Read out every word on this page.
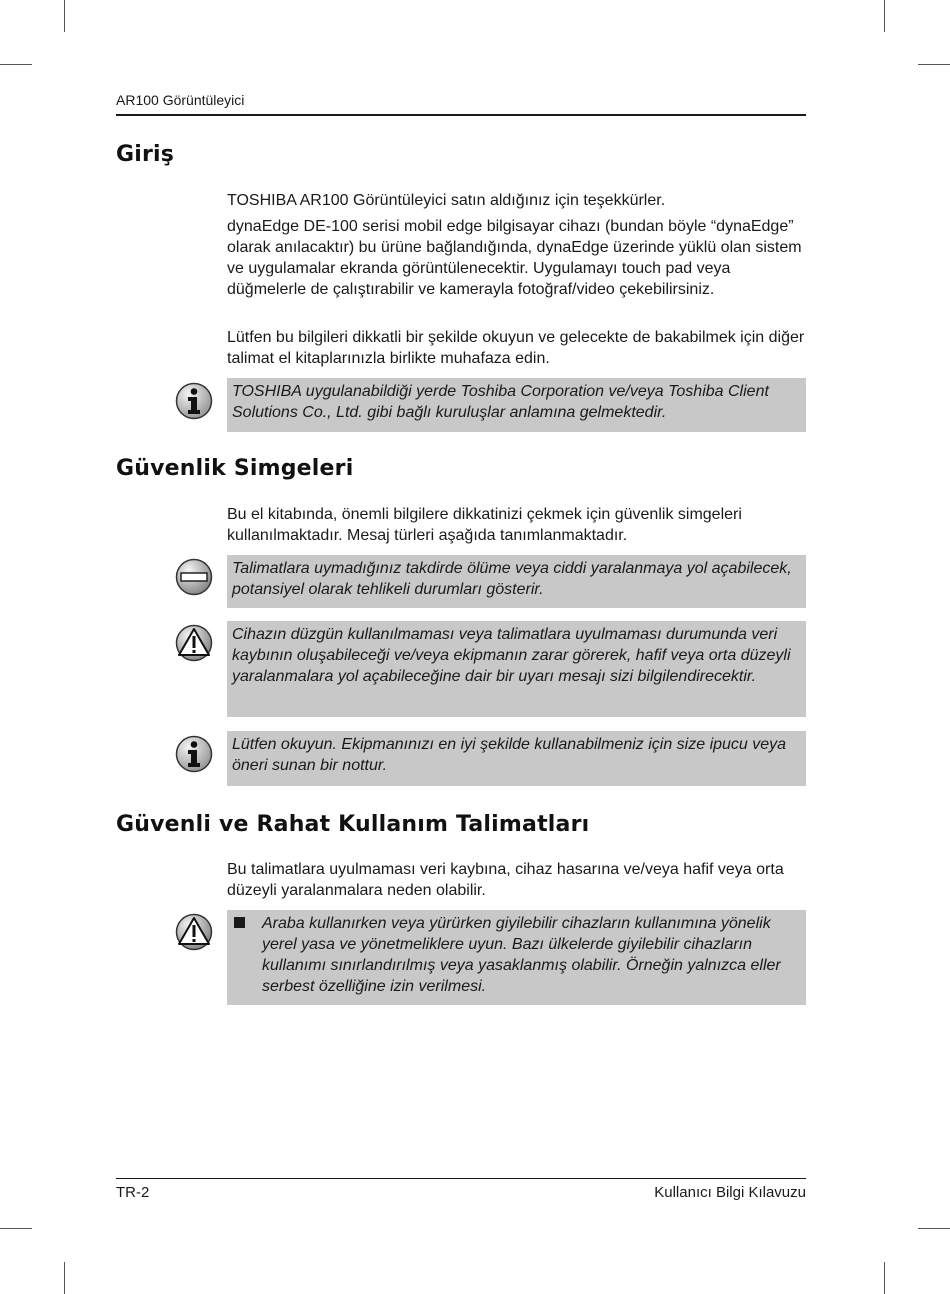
AR100 Görüntüleyici
Giriş

TOSHIBA AR100 Görüntüleyici satın aldığınız için teşekkürler.

dynaEdge DE-100 serisi mobil edge bilgisayar cihazı (bundan böyle “dynaEdge” olarak anılacaktır) bu ürüne bağlandığında, dynaEdge üzerinde yüklü olan sistem ve uygulamalar ekranda görüntülenecektir. Uygulamayı touch pad veya düğmelerle de çalıştırabilir ve kamerayla fotoğraf/video çekebilirsiniz.

Lütfen bu bilgileri dikkatli bir şekilde okuyun ve gelecekte de bakabilmek için diğer talimat el kitaplarınızla birlikte muhafaza edin.

TOSHIBA uygulanabildiği yerde Toshiba Corporation ve/veya Toshiba Client Solutions Co., Ltd. gibi bağlı kuruluşlar anlamına gelmektedir.
Güvenlik Simgeleri

Bu el kitabında, önemli bilgilere dikkatinizi çekmek için güvenlik simgeleri kullanılmaktadır. Mesaj türleri aşağıda tanımlanmaktadır.

Talimatlara uymadığınız takdirde ölüme veya ciddi yaralanmaya yol açabilecek, potansiyel olarak tehlikeli durumları gösterir.
Cihazın düzgün kullanılmaması veya talimatlara uyulmaması durumunda veri kaybının oluşabileceği ve/veya ekipmanın zarar görerek, hafif veya orta düzeyli yaralanmalara yol açabileceğine dair bir uyarı mesajı sizi bilgilendirecektir.
Lütfen okuyun. Ekipmanınızı en iyi şekilde kullanabilmeniz için size ipucu veya öneri sunan bir nottur.
Güvenli ve Rahat Kullanım Talimatları

Bu talimatlara uyulmaması veri kaybına, cihaz hasarına ve/veya hafif veya orta düzeyli yaralanmalara neden olabilir.

Araba kullanırken veya yürürken giyilebilir cihazların kullanımına yönelik yerel yasa ve yönetmeliklere uyun. Bazı ülkelerde giyilebilir cihazların kullanımı sınırlandırılmış veya yasaklanmış olabilir. Örneğin yalnızca eller serbest özelliğine izin verilmesi.
TR-2	Kullanıcı Bilgi Kılavuzu
